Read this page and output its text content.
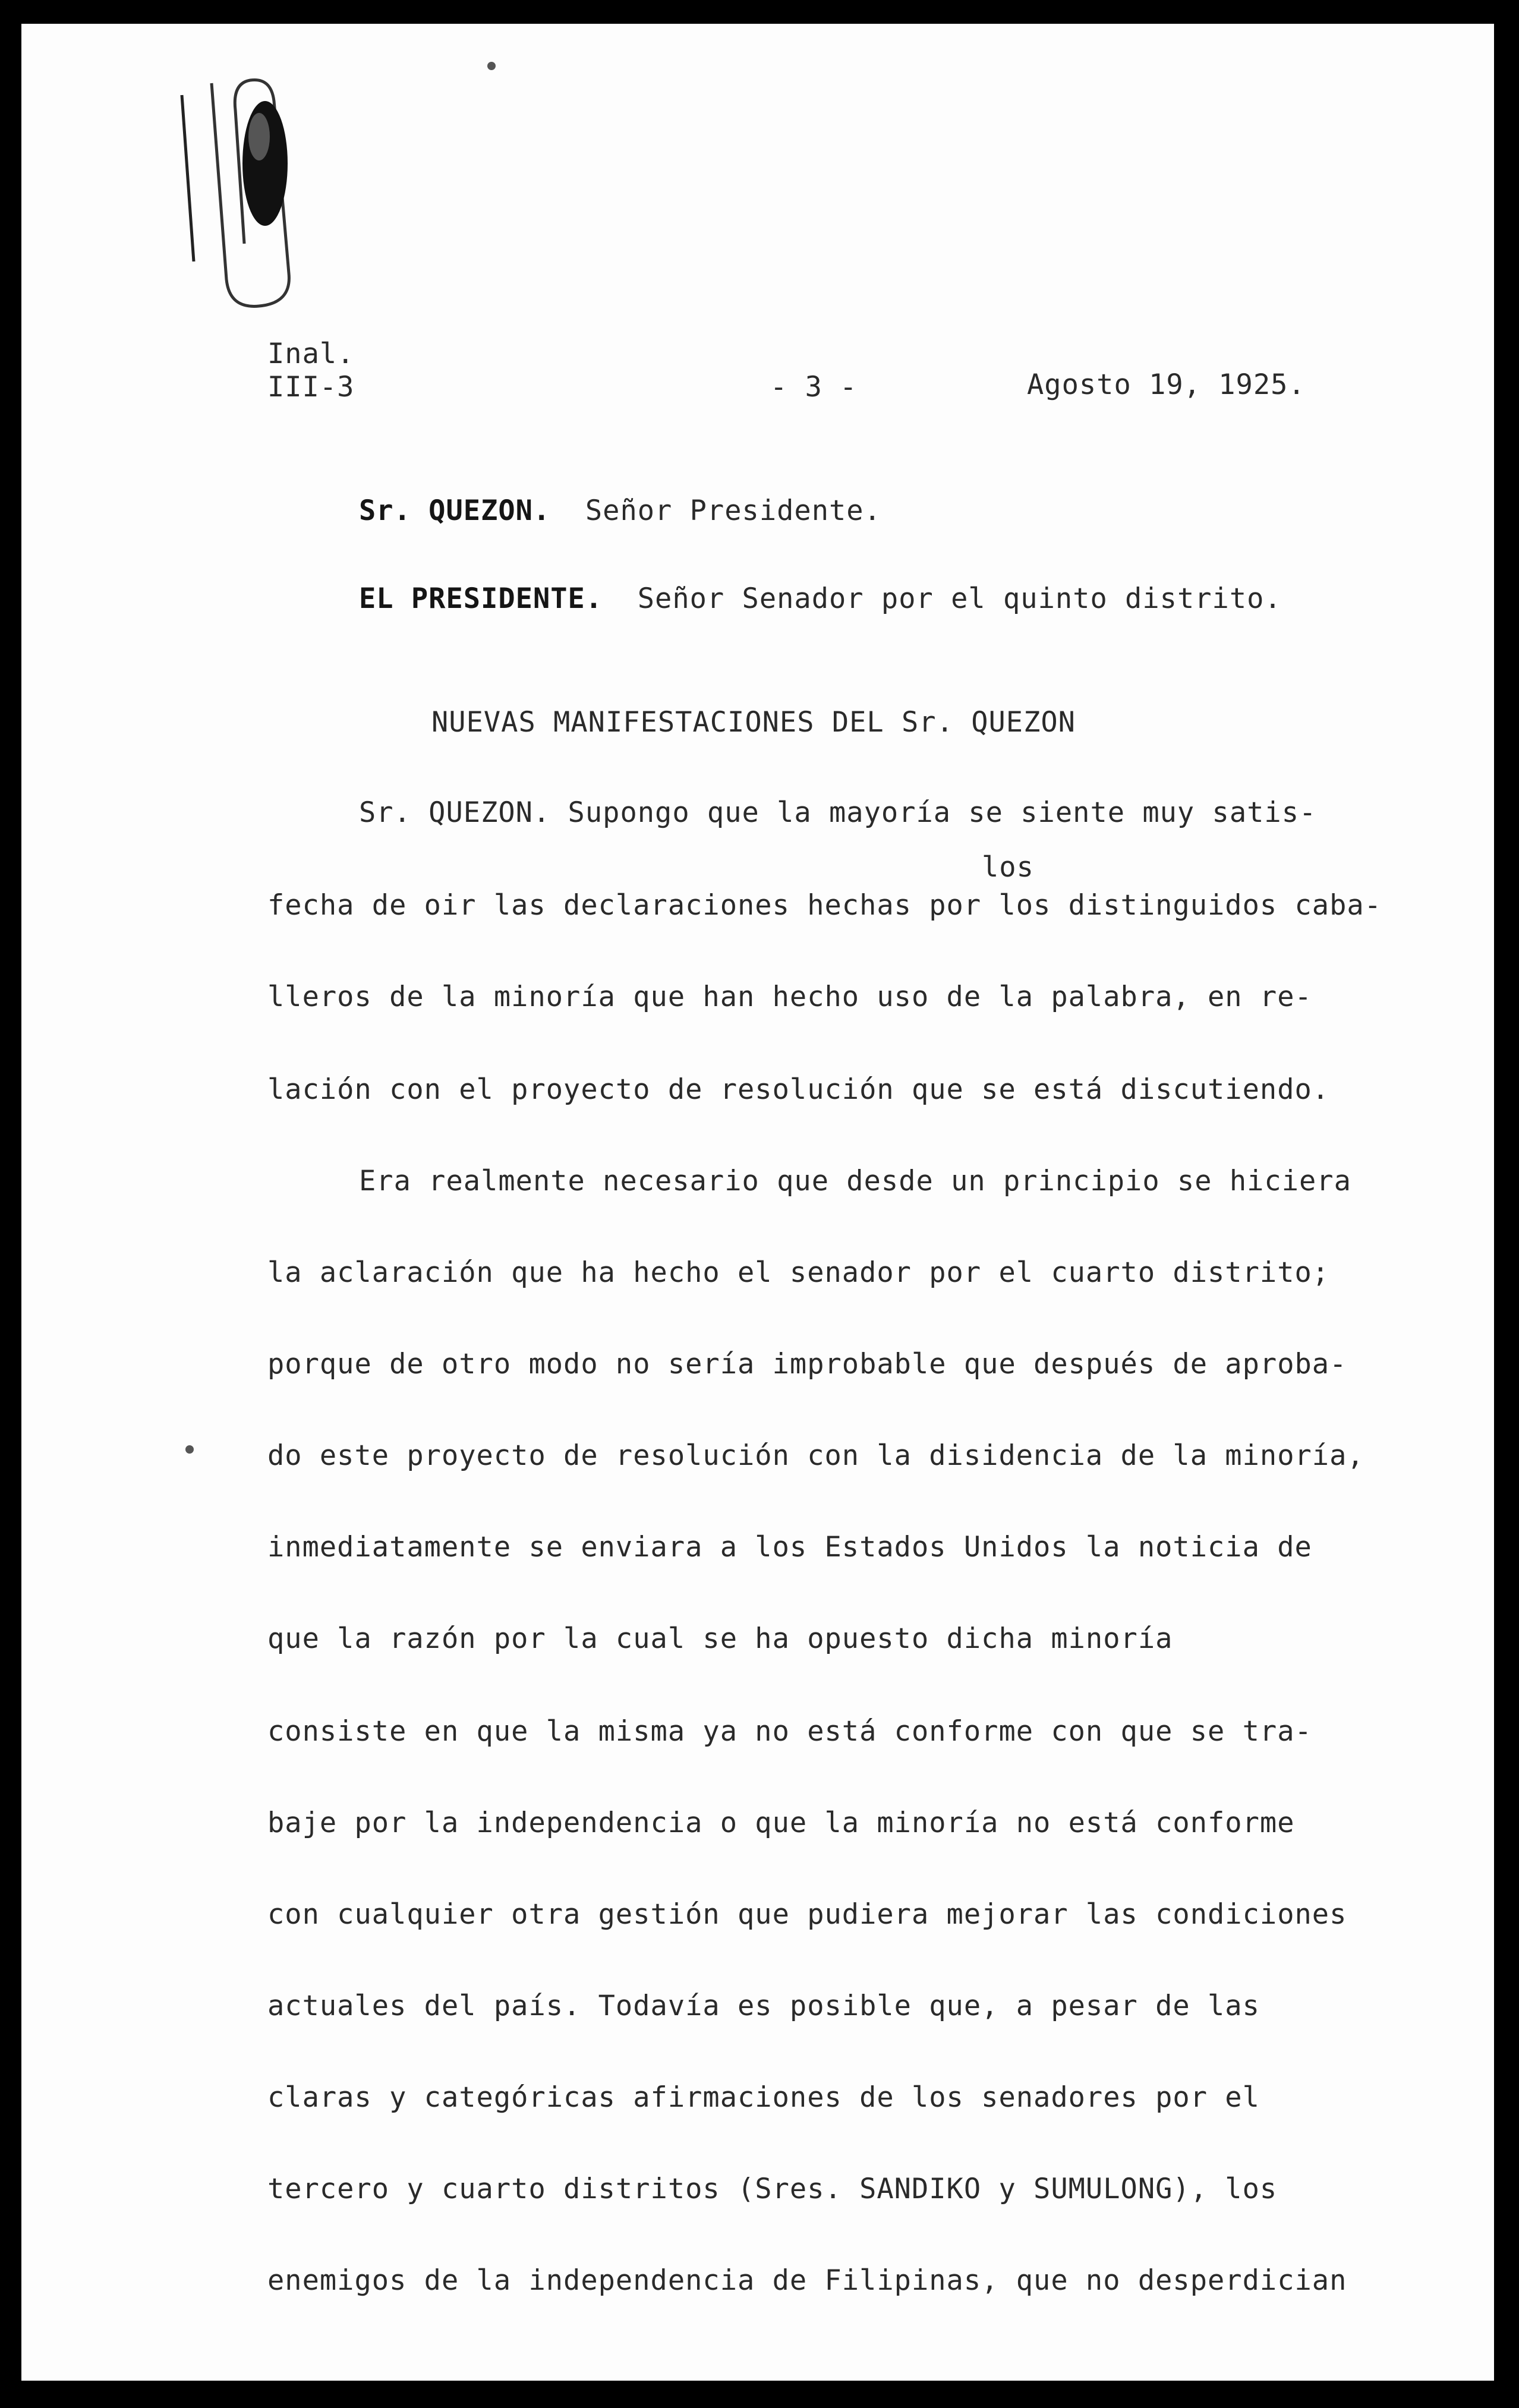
Inal.
III-3	- 3 -	Agosto 19, 1925.
Sr. QUEZON. Señor Presidente.
EL PRESIDENTE. Señor Senador por el quinto distrito.
NUEVAS MANIFESTACIONES DEL Sr. QUEZON
Sr. QUEZON. Supongo que la mayoría se siente muy satis-
los
fecha de oir las declaraciones hechas por los distinguidos caba-
lleros de la minoría que han hecho uso de la palabra, en re-
lación con el proyecto de resolución que se está discutiendo.
Era realmente necesario que desde un principio se hiciera
la aclaración que ha hecho el senador por el cuarto distrito;
porque de otro modo no sería improbable que después de aproba-
do este proyecto de resolución con la disidencia de la minoría,
inmediatamente se enviara a los Estados Unidos la noticia de
que la razón por la cual se ha opuesto dicha minoría
consiste en que la misma ya no está conforme con que se tra-
baje por la independencia o que la minoría no está conforme
con cualquier otra gestión que pudiera mejorar las condiciones
actuales del país. Todavía es posible que, a pesar de las
claras y categóricas afirmaciones de los senadores por el
tercero y cuarto distritos (Sres. SANDIKO y SUMULONG), los
enemigos de la independencia de Filipinas, que no desperdician
